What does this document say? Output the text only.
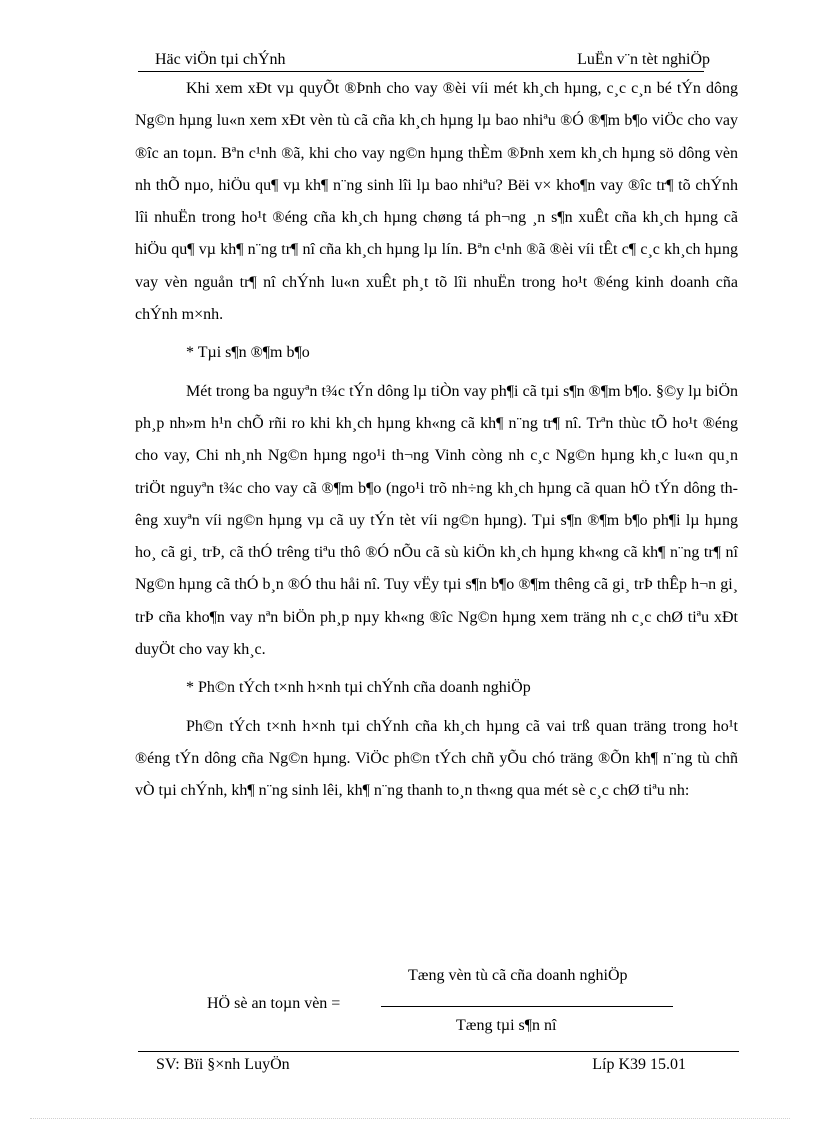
Häc viÖn tµi chÝnh	LuËn v¨n tèt nghiÖp

Khi xem xÐt vµ quyÕt ®Þnh cho vay ®èi víi mét kh¸ch hµng, c¸c c¸n bé tÝn dông Ng©n hµng lu«n xem xÐt vèn tù cã cña kh¸ch hµng lµ bao nhiªu ®Ó ®¶m b¶o viÖc cho vay ®îc an toµn. Bªn c¹nh ®ã, khi cho vay ng©n hµng thÈm ®Þnh xem kh¸ch hµng sö dông vèn nh thÕ nµo, hiÖu qu¶ vµ kh¶ n¨ng sinh lîi lµ bao nhiªu? Bëi v× kho¶n vay ®îc tr¶ tõ chÝnh lîi nhuËn trong ho¹t ®éng cña kh¸ch hµng chøng tá ph¬ng ¸n s¶n xuÊt cña kh¸ch hµng cã hiÖu qu¶ vµ kh¶ n¨ng tr¶ nî cña kh¸ch hµng lµ lín. Bªn c¹nh ®ã ®èi víi tÊt c¶ c¸c kh¸ch hµng vay vèn nguån tr¶ nî chÝnh lu«n xuÊt ph¸t tõ lîi nhuËn trong ho¹t ®éng kinh doanh cña chÝnh m×nh.

* Tµi s¶n ®¶m b¶o

Mét trong ba nguyªn t¾c tÝn dông lµ tiÒn vay ph¶i cã tµi s¶n ®¶m b¶o. §©y lµ biÖn ph¸p nh»m h¹n chÕ rñi ro khi kh¸ch hµng kh«ng cã kh¶ n¨ng tr¶ nî. Trªn thùc tÕ ho¹t ®éng cho vay, Chi nh¸nh Ng©n hµng ngo¹i th¬ng Vinh còng nh c¸c Ng©n hµng kh¸c lu«n qu¸n triÖt nguyªn t¾c cho vay cã ®¶m b¶o (ngo¹i trõ nh÷ng kh¸ch hµng cã quan hÖ tÝn dông thêng xuyªn víi ng©n hµng vµ cã uy tÝn tèt víi ng©n hµng). Tµi s¶n ®¶m b¶o ph¶i lµ hµng ho¸ cã gi¸ trÞ, cã thÓ trêng tiªu thô ®Ó nÕu cã sù kiÖn kh¸ch hµng kh«ng cã kh¶ n¨ng tr¶ nî Ng©n hµng cã thÓ b¸n ®Ó thu håi nî. Tuy vËy tµi s¶n b¶o ®¶m thêng cã gi¸ trÞ thÊp h¬n gi¸ trÞ cña kho¶n vay nªn biÖn ph¸p nµy kh«ng ®îc Ng©n hµng xem träng nh c¸c chØ tiªu xÐt duyÖt cho vay kh¸c.

* Ph©n tÝch t×nh h×nh tµi chÝnh cña doanh nghiÖp

Ph©n tÝch t×nh h×nh tµi chÝnh cña kh¸ch hµng cã vai trß quan träng trong ho¹t ®éng tÝn dông cña Ng©n hµng. ViÖc ph©n tÝch chñ yÕu chó träng ®Õn kh¶ n¨ng tù chñ vÒ tµi chÝnh, kh¶ n¨ng sinh lêi, kh¶ n¨ng thanh to¸n th«ng qua mét sè c¸c chØ tiªu nh:

HÖ sè an toµn vèn =
Tæng vèn tù cã cña doanh nghiÖp
Tæng tµi s¶n nî
SV: Bïi §×nh LuyÖn	Líp K39 15.01
